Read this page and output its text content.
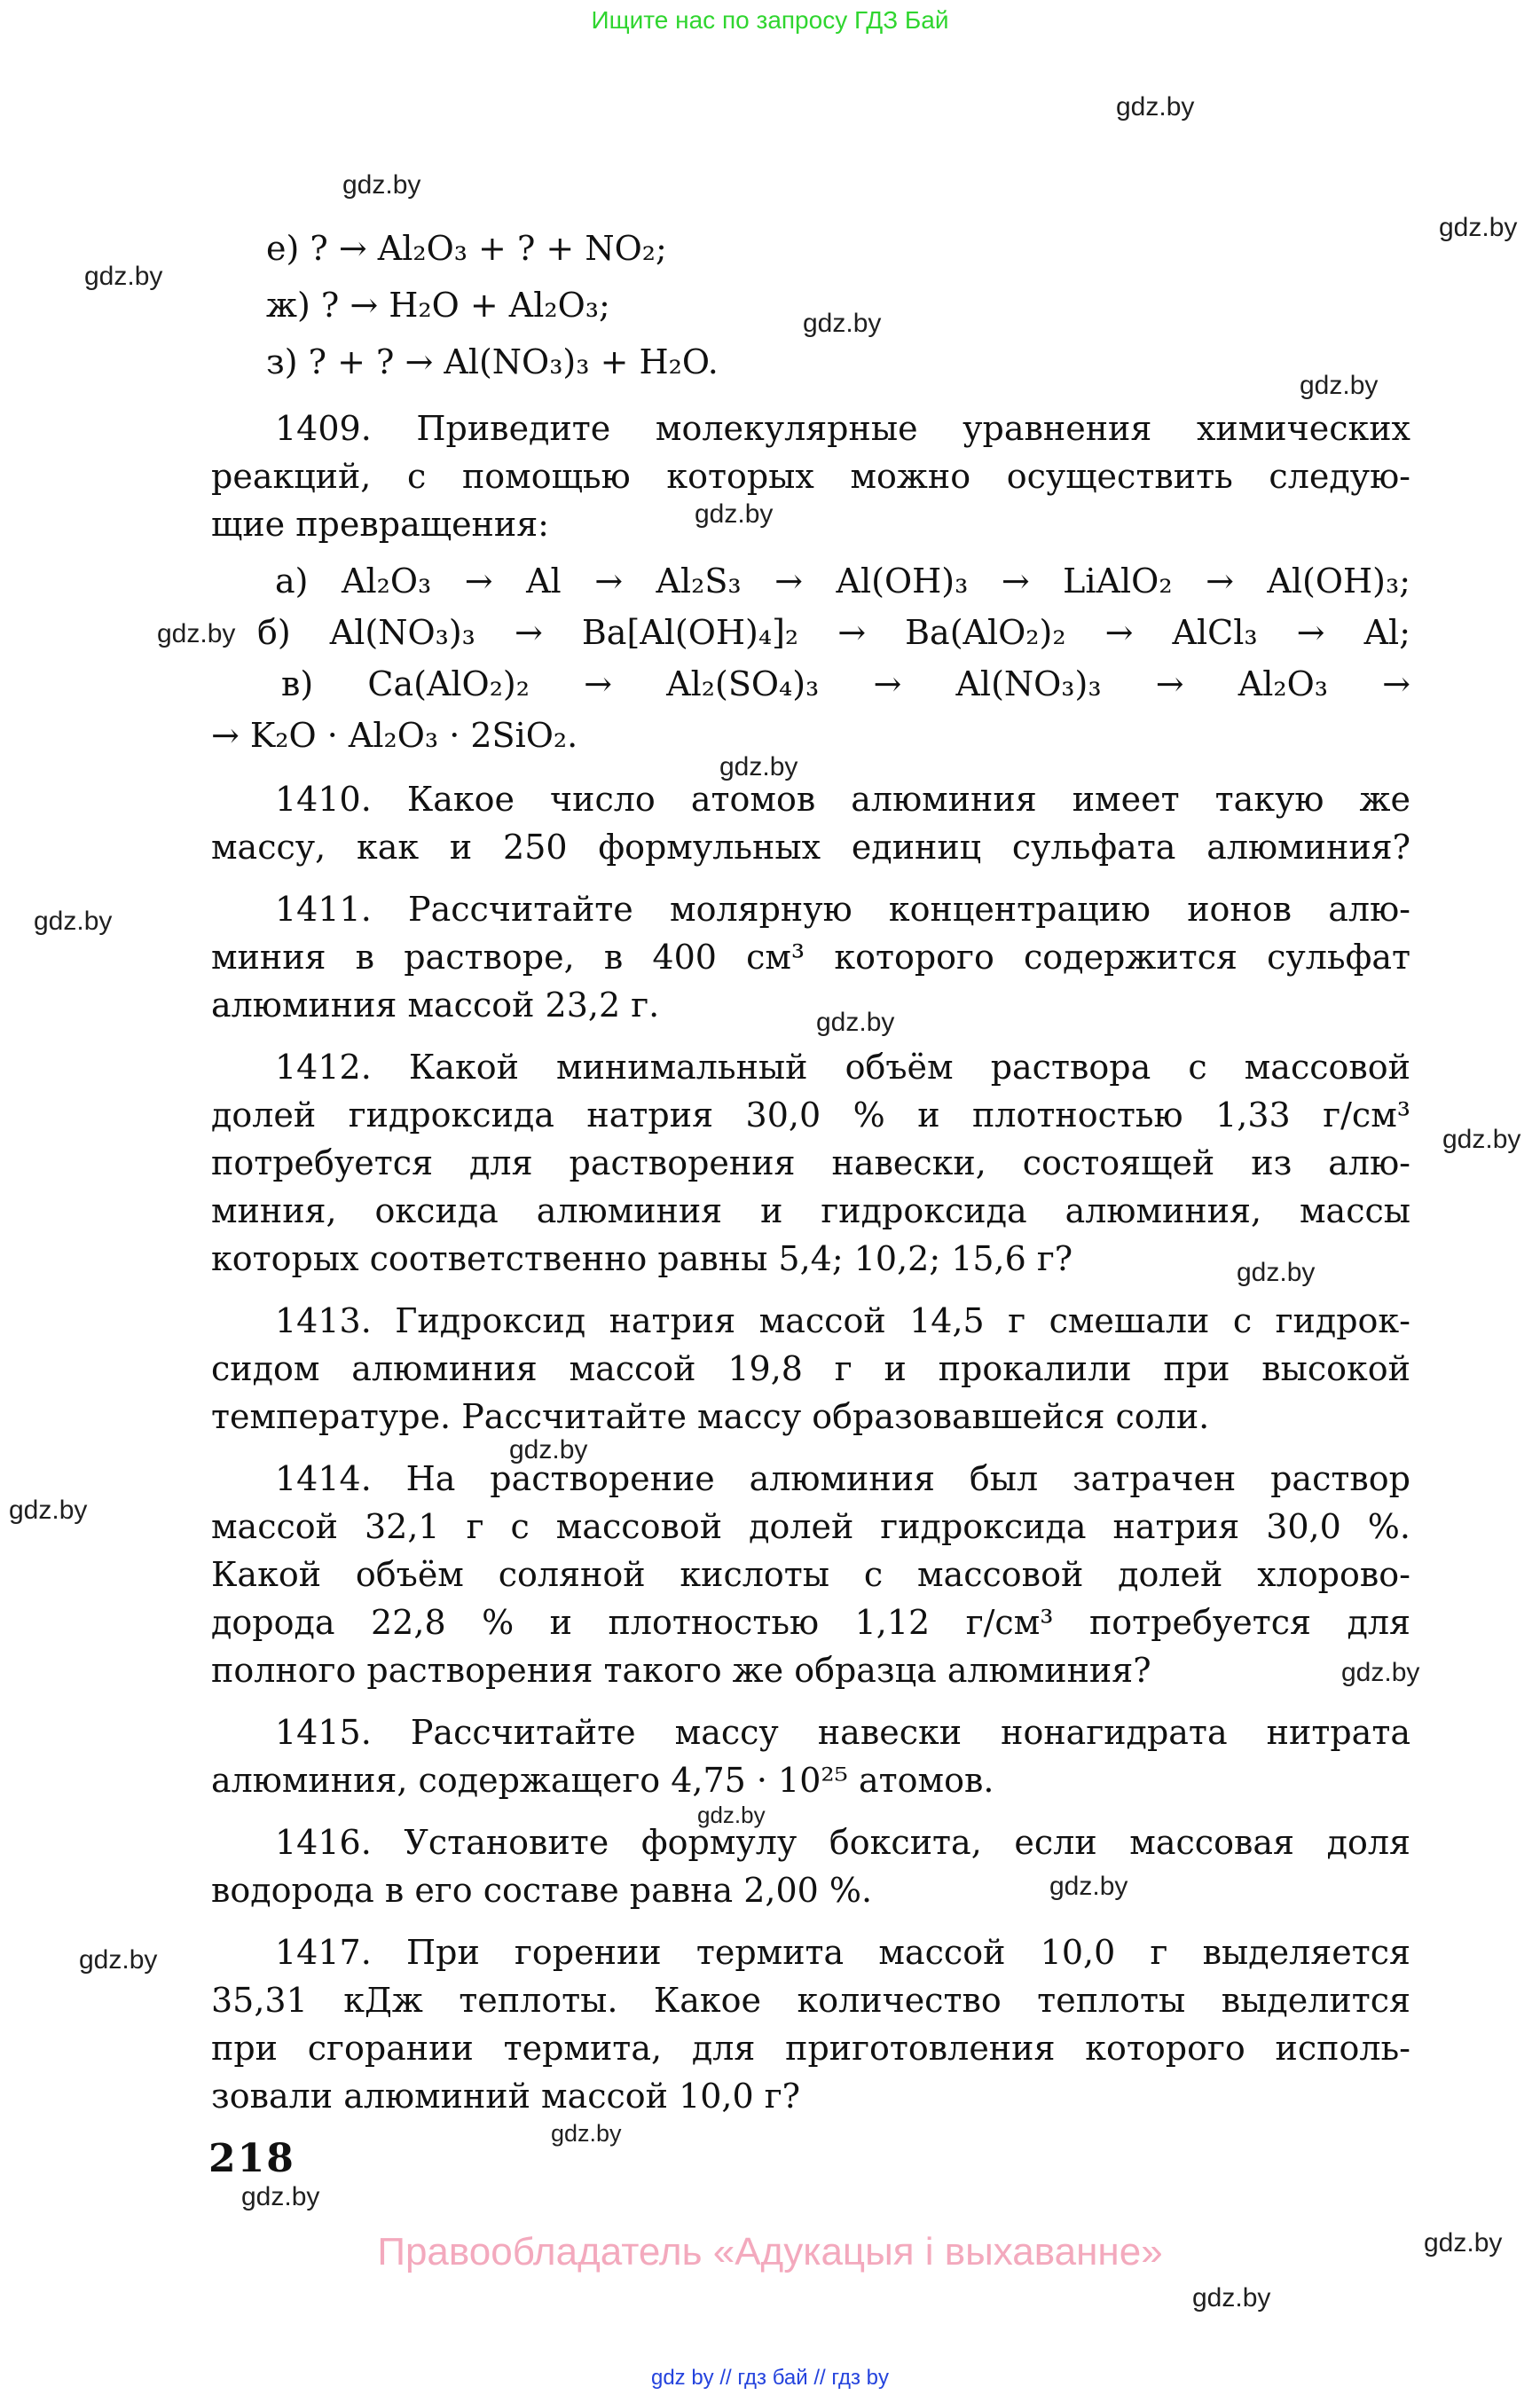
Ищите нас по запросу ГДЗ Бай
е) ? → Al₂O₃ + ? + NO₂;
ж) ? → H₂O + Al₂O₃;
з) ? + ? → Al(NO₃)₃ + H₂O.
1409. Приведите молекулярные уравнения химических
реакций, с помощью которых можно осуществить следую-
щие превращения:
а) Al₂O₃ → Al → Al₂S₃ → Al(OH)₃ → LiAlO₂ → Al(OH)₃;
б) Al(NO₃)₃ → Ba[Al(OH)₄]₂ → Ba(AlO₂)₂ → AlCl₃ → Al;
в) Ca(AlO₂)₂ → Al₂(SO₄)₃ → Al(NO₃)₃ → Al₂O₃ →
→ K₂O · Al₂O₃ · 2SiO₂.
1410. Какое число атомов алюминия имеет такую же
массу, как и 250 формульных единиц сульфата алюминия?
1411. Рассчитайте молярную концентрацию ионов алю-
миния в растворе, в 400 см³ которого содержится сульфат
алюминия массой 23,2 г.
1412. Какой минимальный объём раствора с массовой
долей гидроксида натрия 30,0 % и плотностью 1,33 г/см³
потребуется для растворения навески, состоящей из алю-
миния, оксида алюминия и гидроксида алюминия, массы
которых соответственно равны 5,4; 10,2; 15,6 г?
1413. Гидроксид натрия массой 14,5 г смешали с гидрок-
сидом алюминия массой 19,8 г и прокалили при высокой
температуре. Рассчитайте массу образовавшейся соли.
1414. На растворение алюминия был затрачен раствор
массой 32,1 г с массовой долей гидроксида натрия 30,0 %.
Какой объём соляной кислоты с массовой долей хлорово-
дорода 22,8 % и плотностью 1,12 г/см³ потребуется для
полного растворения такого же образца алюминия?
1415. Рассчитайте массу навески нонагидрата нитрата
алюминия, содержащего 4,75 · 10²⁵ атомов.
1416. Установите формулу боксита, если массовая доля
водорода в его составе равна 2,00 %.
1417. При горении термита массой 10,0 г выделяется
35,31 кДж теплоты. Какое количество теплоты выделится
при сгорании термита, для приготовления которого исполь-
зовали алюминий массой 10,0 г?
218
Правообладатель «Адукацыя і выхаванне»
gdz by // гдз бай // гдз by
gdz.by
gdz.by
gdz.by
gdz.by
gdz.by
gdz.by
gdz.by
gdz.by
gdz.by
gdz.by
gdz.by
gdz.by
gdz.by
gdz.by
gdz.by
gdz.by
gdz.by
gdz.by
gdz.by
gdz.by
gdz.by
gdz.by
gdz.by
